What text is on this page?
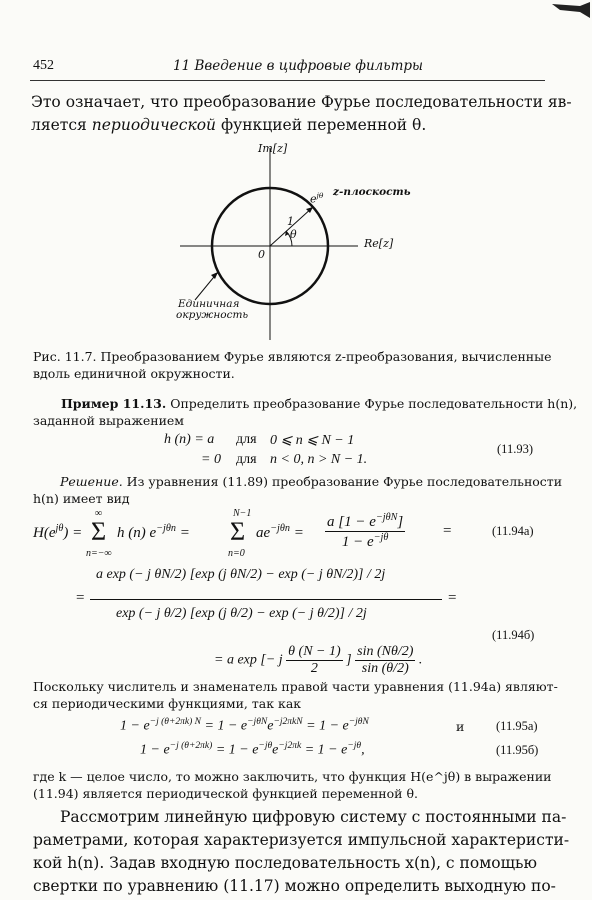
452	11 Введение в цифровые фильтры
Это означает, что преобразование Фурье последовательности яв-
ляется периодической функцией переменной θ.
Im[z]
Re[z]
0
1
θ
$e^{j\theta}$ z-плоскость
Единичная
окружность
Рис. 11.7. Преобразованием Фурье являются z-преобразования, вычисленные
вдоль единичной окружности.
Пример 11.13. Определить преобразование Фурье последовательности h(n),
заданной выражением
h (n) = a для 0 ⩽ n ⩽ N − 1
= 0 для n < 0, n > N − 1.
(11.93)
Решение. Из уравнения (11.89) преобразование Фурье последовательности
h(n) имеет вид
$H(e^{j\theta})$ =
∞
Σ
n=−∞
h (n) $e^{-j\theta n}$ =
N−1
Σ
n=0
$ae^{-j\theta n}$ =
a $[1 - e^{-j\theta N}]$
$1 - e^{-j\theta}$	=	(11.94а)
a exp (− j θN/2) [exp (j θN/2) − exp (− j θN/2)] / 2j
=	=
exp (− j θ/2) [exp (j θ/2) − exp (− j θ/2)] / 2j
= a exp [− j $\frac{\theta (N - 1)}{2}$ ] $\frac{\sin (N\theta/2)}{\sin (\theta/2)}$ .
(11.94б)
Поскольку числитель и знаменатель правой части уравнения (11.94а) являют-
ся периодическими функциями, так как
$1 - e^{-j (\theta+2\pi k) N} = 1 - e^{-j\theta N}e^{-j2\pi kN} = 1 - e^{-j\theta N}$	и	(11.95а)
$1 - e^{-j (\theta+2\pi k)} = 1 - e^{-j\theta}e^{-j2\pi k} = 1 - e^{-j\theta}$,	(11.95б)
где k — целое число, то можно заключить, что функция H(e^jθ) в выражении
(11.94) является периодической функцией переменной θ.
Рассмотрим линейную цифровую систему с постоянными па-
раметрами, которая характеризуется импульсной характеристи-
кой h(n). Задав входную последовательность x(n), с помощью
свертки по уравнению (11.17) можно определить выходную по-
